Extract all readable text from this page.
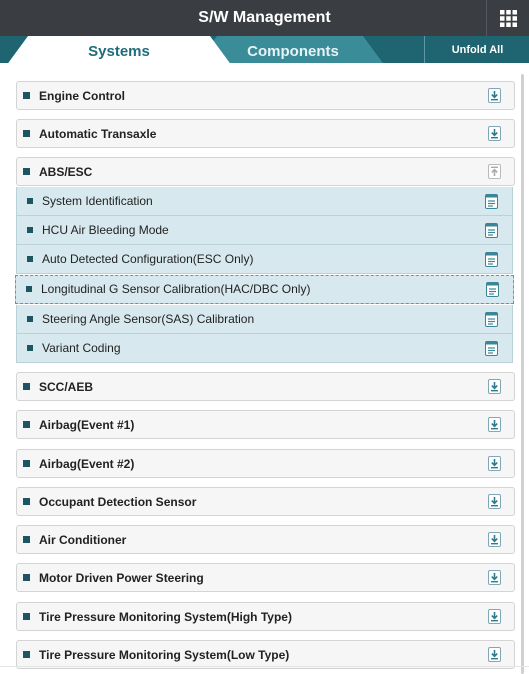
S/W Management
Systems	Components	Unfold All
Engine Control
Automatic Transaxle
ABS/ESC
System Identification
HCU Air Bleeding Mode
Auto Detected Configuration(ESC Only)
Longitudinal G Sensor Calibration(HAC/DBC Only)
Steering Angle Sensor(SAS) Calibration
Variant Coding
SCC/AEB
Airbag(Event #1)
Airbag(Event #2)
Occupant Detection Sensor
Air Conditioner
Motor Driven Power Steering
Tire Pressure Monitoring System(High Type)
Tire Pressure Monitoring System(Low Type)
